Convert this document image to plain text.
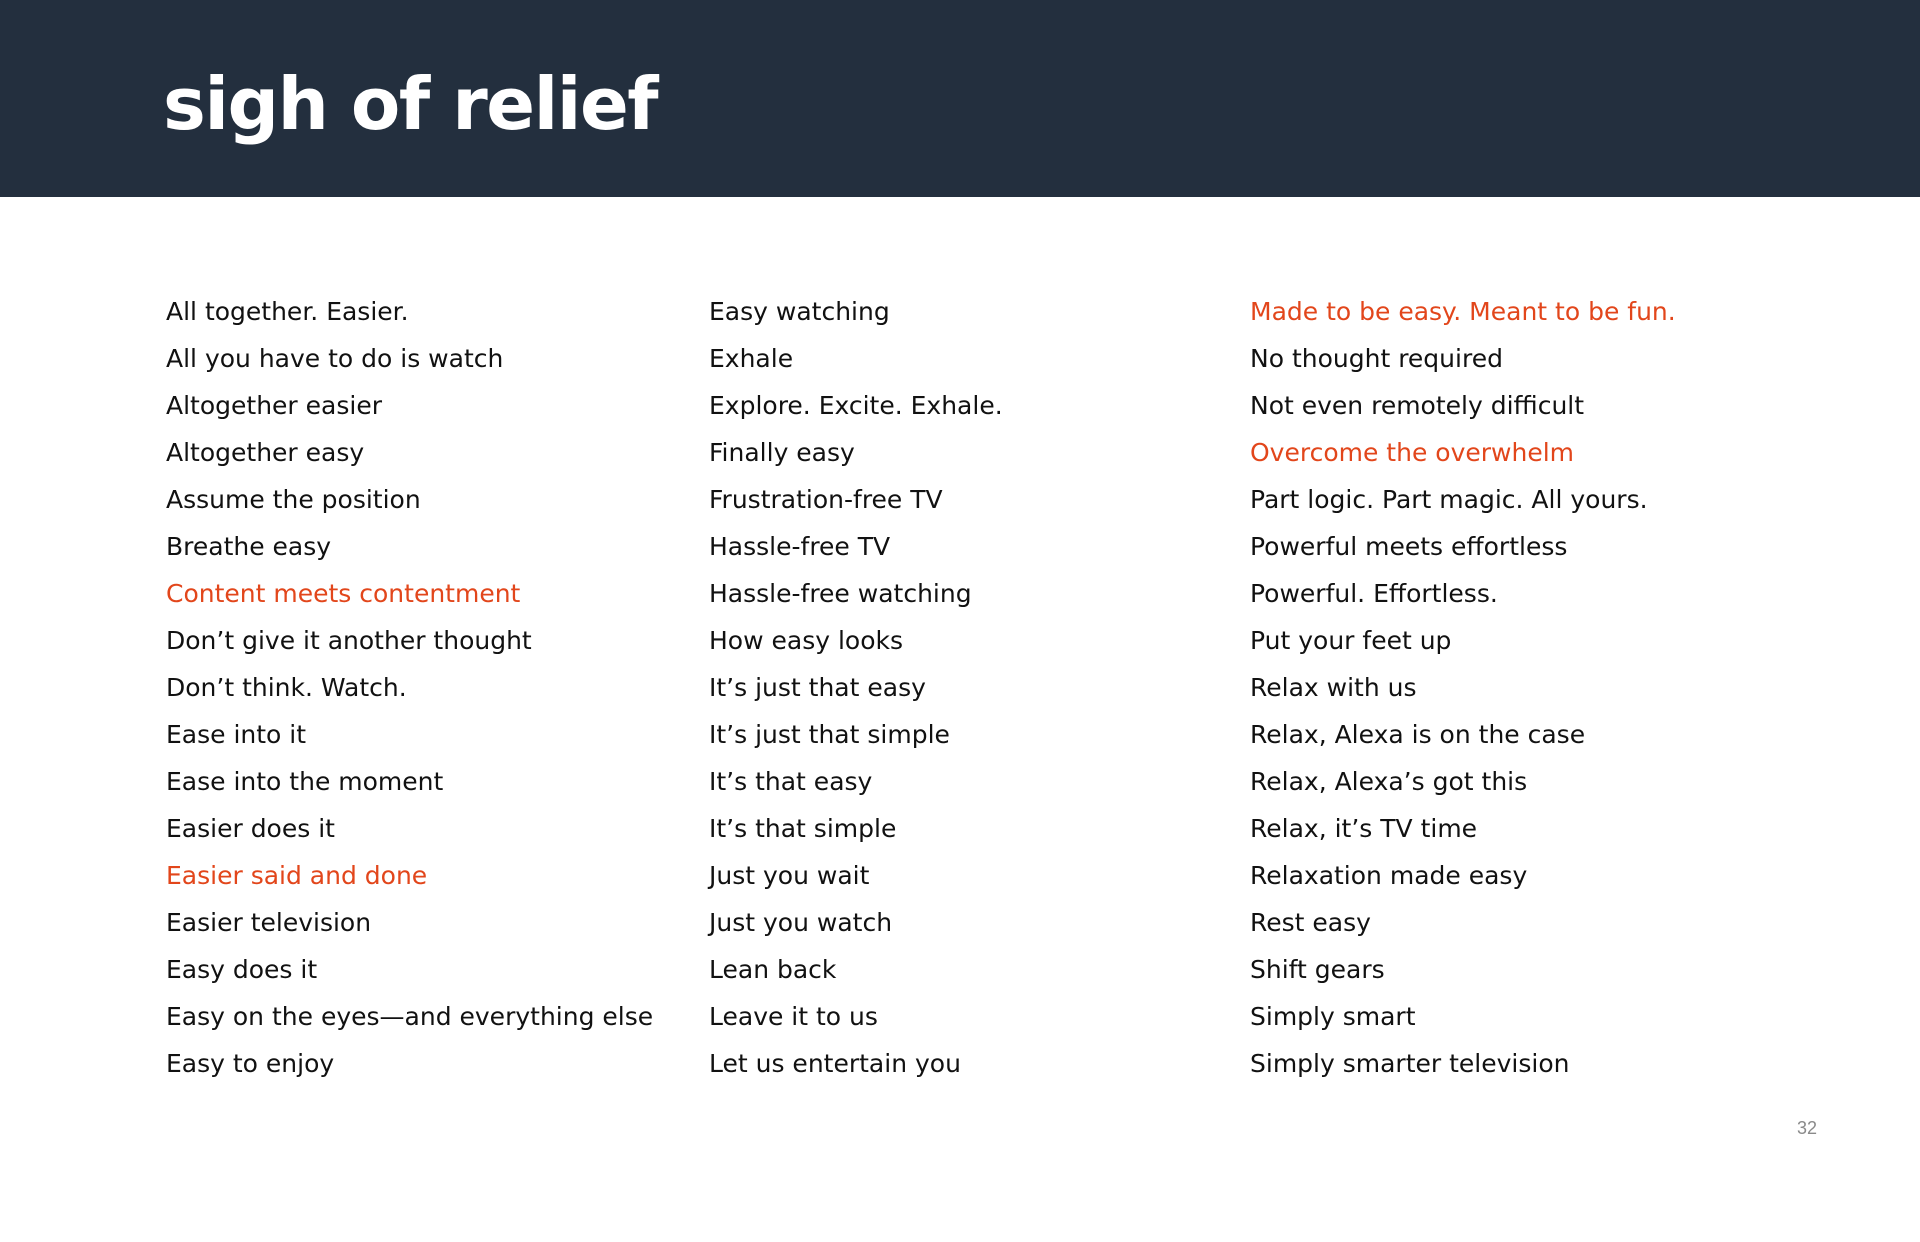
sigh of relief
All together. Easier.
All you have to do is watch
Altogether easier
Altogether easy
Assume the position
Breathe easy
Content meets contentment
Don’t give it another thought
Don’t think. Watch.
Ease into it
Ease into the moment
Easier does it
Easier said and done
Easier television
Easy does it
Easy on the eyes—and everything else
Easy to enjoy
Easy watching
Exhale
Explore. Excite. Exhale.
Finally easy
Frustration-free TV
Hassle-free TV
Hassle-free watching
How easy looks
It’s just that easy
It’s just that simple
It’s that easy
It’s that simple
Just you wait
Just you watch
Lean back
Leave it to us
Let us entertain you
Made to be easy. Meant to be fun.
No thought required
Not even remotely difficult
Overcome the overwhelm
Part logic. Part magic. All yours.
Powerful meets effortless
Powerful. Effortless.
Put your feet up
Relax with us
Relax, Alexa is on the case
Relax, Alexa’s got this
Relax, it’s TV time
Relaxation made easy
Rest easy
Shift gears
Simply smart
Simply smarter television
32
